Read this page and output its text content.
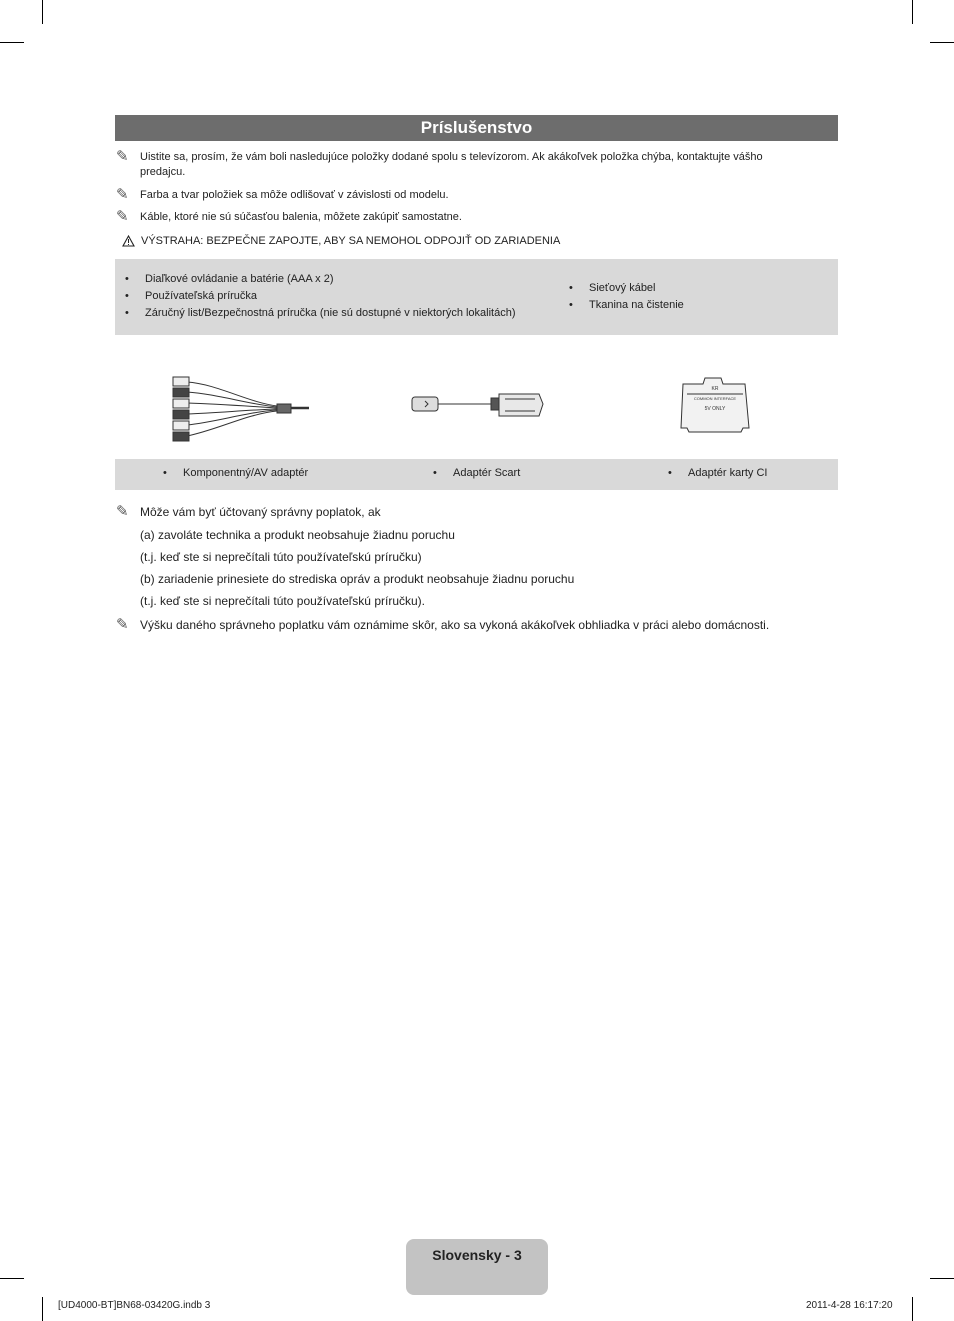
Príslušenstvo
✎	Uistite sa, prosím, že vám boli nasledujúce položky dodané spolu s televízorom. Ak akákoľvek položka chýba, kontaktujte vášho
predajcu.
✎	Farba a tvar položiek sa môže odlišovať v závislosti od modelu.
✎	Káble, ktoré nie sú súčasťou balenia, môžete zakúpiť samostatne.
VÝSTRAHA: BEZPEČNE ZAPOJTE, ABY SA NEMOHOL ODPOJIŤ OD ZARIADENIA
• Diaľkové ovládanie a batérie (AAA x 2)
• Používateľská príručka
• Záručný list/Bezpečnostná príručka (nie sú dostupné v niektorých lokalitách)
• Sieťový kábel
• Tkanina na čistenie
KR
COMMON INTERFACE
5V ONLY
• Komponentný/AV adaptér	• Adaptér Scart	• Adaptér karty CI
✎ Môže vám byť účtovaný správny poplatok, ak
(a) zavoláte technika a produkt neobsahuje žiadnu poruchu
(t.j. keď ste si neprečítali túto používateľskú príručku)
(b) zariadenie prinesiete do strediska opráv a produkt neobsahuje žiadnu poruchu
(t.j. keď ste si neprečítali túto používateľskú príručku).
✎ Výšku daného správneho poplatku vám oznámime skôr, ako sa vykoná akákoľvek obhliadka v práci alebo domácnosti.
Slovensky - 3
[UD4000-BT]BN68-03420G.indb 3	2011-4-28 16:17:20
